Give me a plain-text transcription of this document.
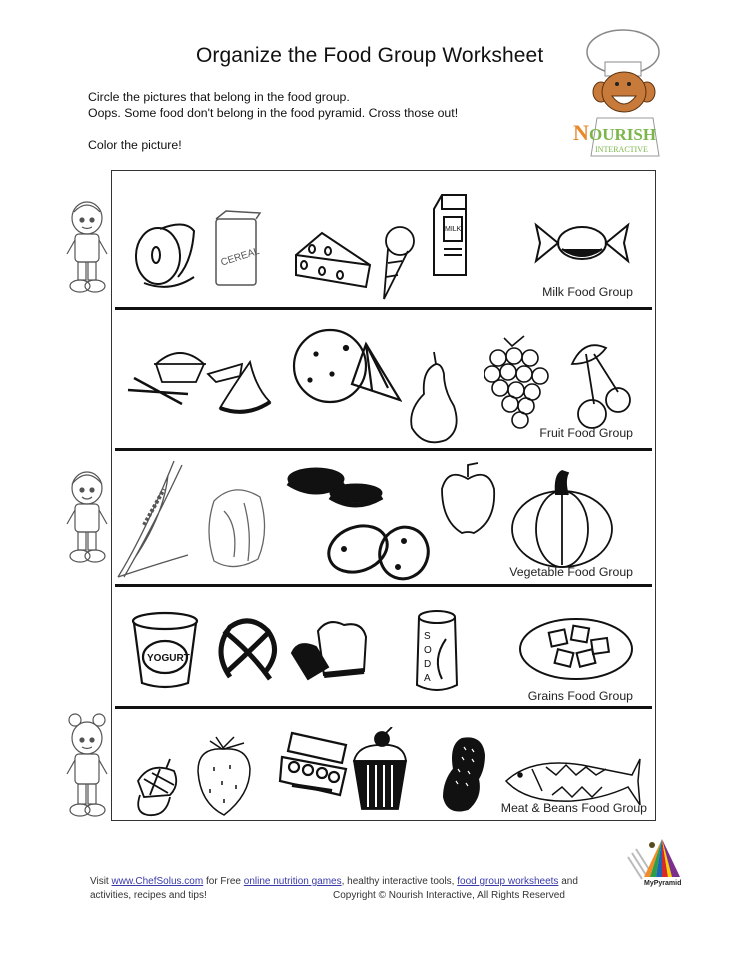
Organize the Food Group Worksheet
Circle the pictures that belong in the food group.
Oops. Some food don't belong in the food pyramid. Cross those out!
Color the picture!	N OURISH
INTERACTIVE
CEREAL
MILK
Milk Food Group
Fruit Food Group
Vegetable Food Group
YOGURT
S
O
D
A
Grains Food Group
Meat & Beans Food Group
Visit www.ChefSolus.com for Free online nutrition games, healthy interactive tools, food group worksheets and
activities, recipes and tips!	Copyright © Nourish Interactive, All Rights Reserved
MyPyramid
